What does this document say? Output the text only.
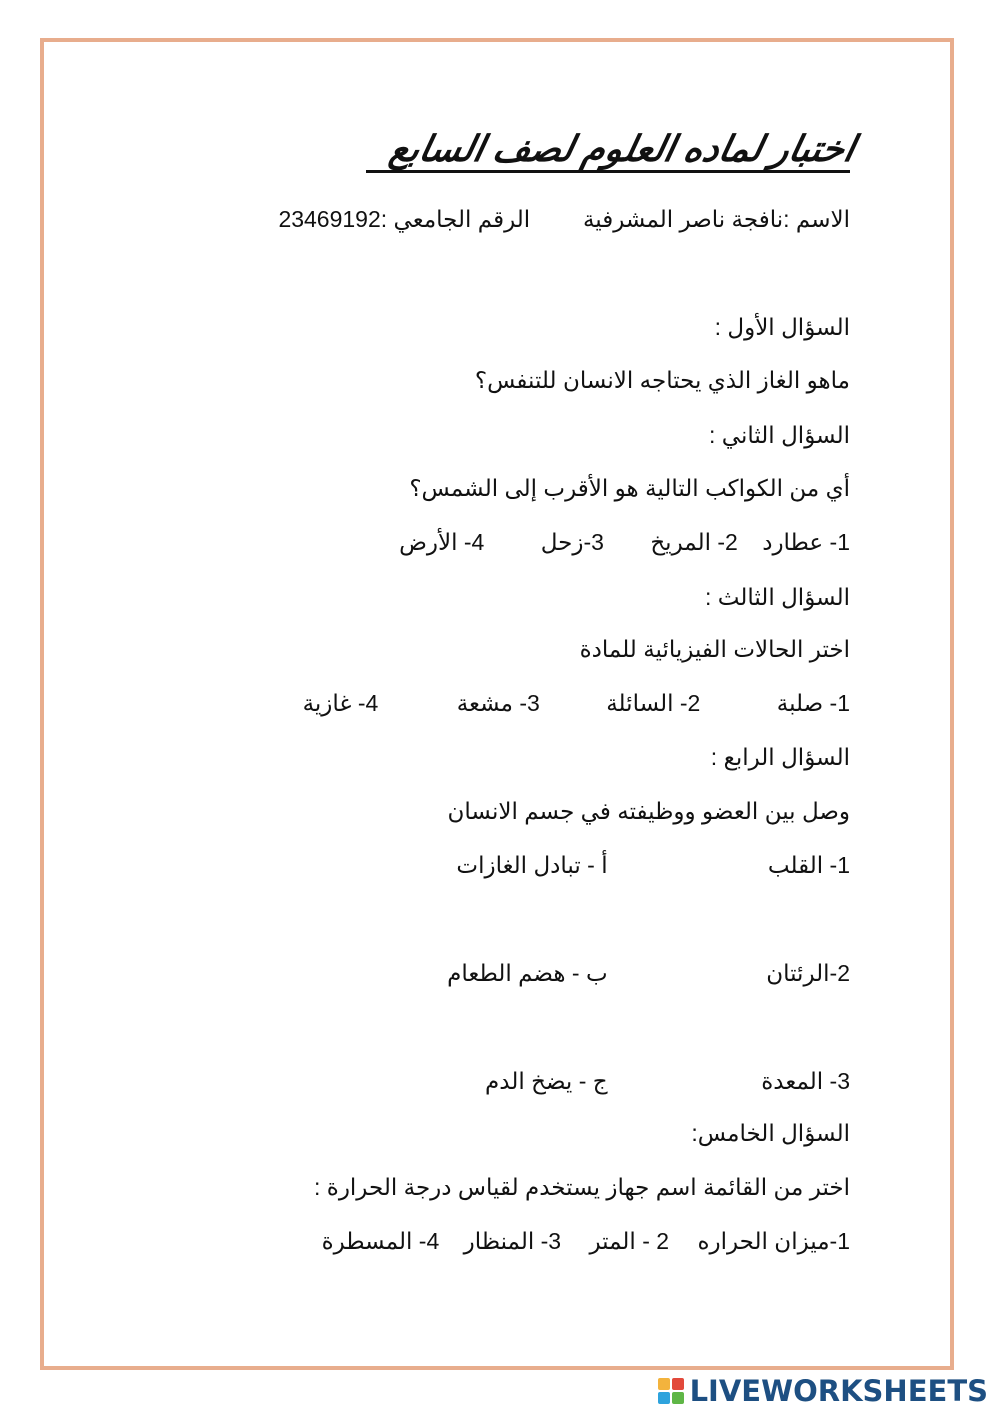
اختبار لماده العلوم لصف السابع
الاسم :نافجة ناصر المشرفية  الرقم الجامعي :23469192
السؤال الأول :
ماهو الغاز الذي يحتاجه الانسان للتنفس؟
السؤال الثاني :
أي من الكواكب التالية هو الأقرب إلى الشمس؟
1- عطارد 2- المريخ 3-زحل 4- الأرض
السؤال الثالث :
اختر الحالات الفيزيائية للمادة
1- صلبة 2- السائلة 3- مشعة 4- غازية
السؤال الرابع :
وصل بين العضو ووظيفته في جسم الانسان
1- القلب أ - تبادل الغازات
2-الرئتان ب - هضم الطعام
3- المعدة ج - يضخ الدم
السؤال الخامس:
اختر من القائمة اسم جهاز يستخدم لقياس درجة الحرارة :
1-ميزان الحراره 2 - المتر 3- المنظار 4- المسطرة
LIVEWORKSHEETS
